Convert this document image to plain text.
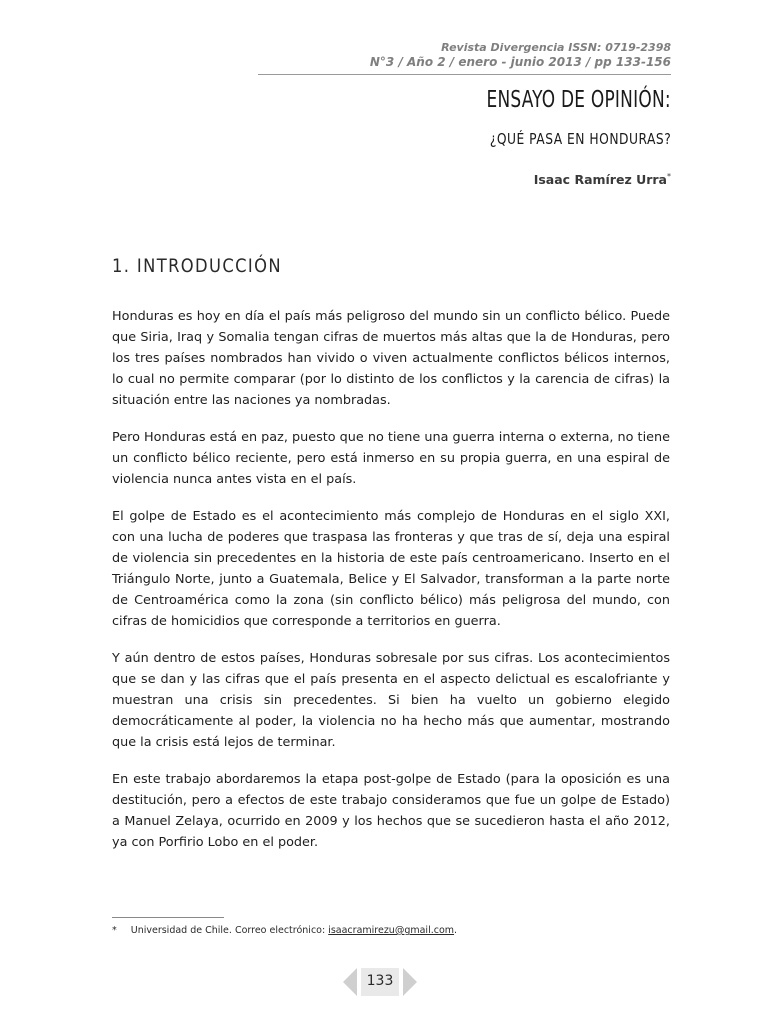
Revista Divergencia ISSN: 0719-2398
N°3 / Año 2 / enero - junio 2013 / pp 133-156
ENSAYO DE OPINIÓN:
¿QUÉ PASA EN HONDURAS?
Isaac Ramírez Urra*
1. INTRODUCCIÓN

Honduras es hoy en día el país más peligroso del mundo sin un conflicto bélico. Puede que Siria, Iraq y Somalia tengan cifras de muertos más altas que la de Honduras, pero los tres países nombrados han vivido o viven actualmente conflictos bélicos internos, lo cual no permite comparar (por lo distinto de los conflictos y la carencia de cifras) la situación entre las naciones ya nombradas.

Pero Honduras está en paz, puesto que no tiene una guerra interna o externa, no tiene un conflicto bélico reciente, pero está inmerso en su propia guerra, en una espiral de violencia nunca antes vista en el país.

El golpe de Estado es el acontecimiento más complejo de Honduras en el siglo XXI, con una lucha de poderes que traspasa las fronteras y que tras de sí, deja una espiral de violencia sin precedentes en la historia de este país centroamericano. Inserto en el Triángulo Norte, junto a Guatemala, Belice y El Salvador, transforman a la parte norte de Centroamérica como la zona (sin conflicto bélico) más peligrosa del mundo, con cifras de homicidios que corresponde a territorios en guerra.

Y aún dentro de estos países, Honduras sobresale por sus cifras. Los acontecimientos que se dan y las cifras que el país presenta en el aspecto delictual es escalofriante y muestran una crisis sin precedentes. Si bien ha vuelto un gobierno elegido democráticamente al poder, la violencia no ha hecho más que aumentar, mostrando que la crisis está lejos de terminar.

En este trabajo abordaremos la etapa post-golpe de Estado (para la oposición es una destitución, pero a efectos de este trabajo consideramos que fue un golpe de Estado) a Manuel Zelaya, ocurrido en 2009 y los hechos que se sucedieron hasta el año 2012, ya con Porfirio Lobo en el poder.

* Universidad de Chile. Correo electrónico: isaacramirezu@gmail.com.
133
